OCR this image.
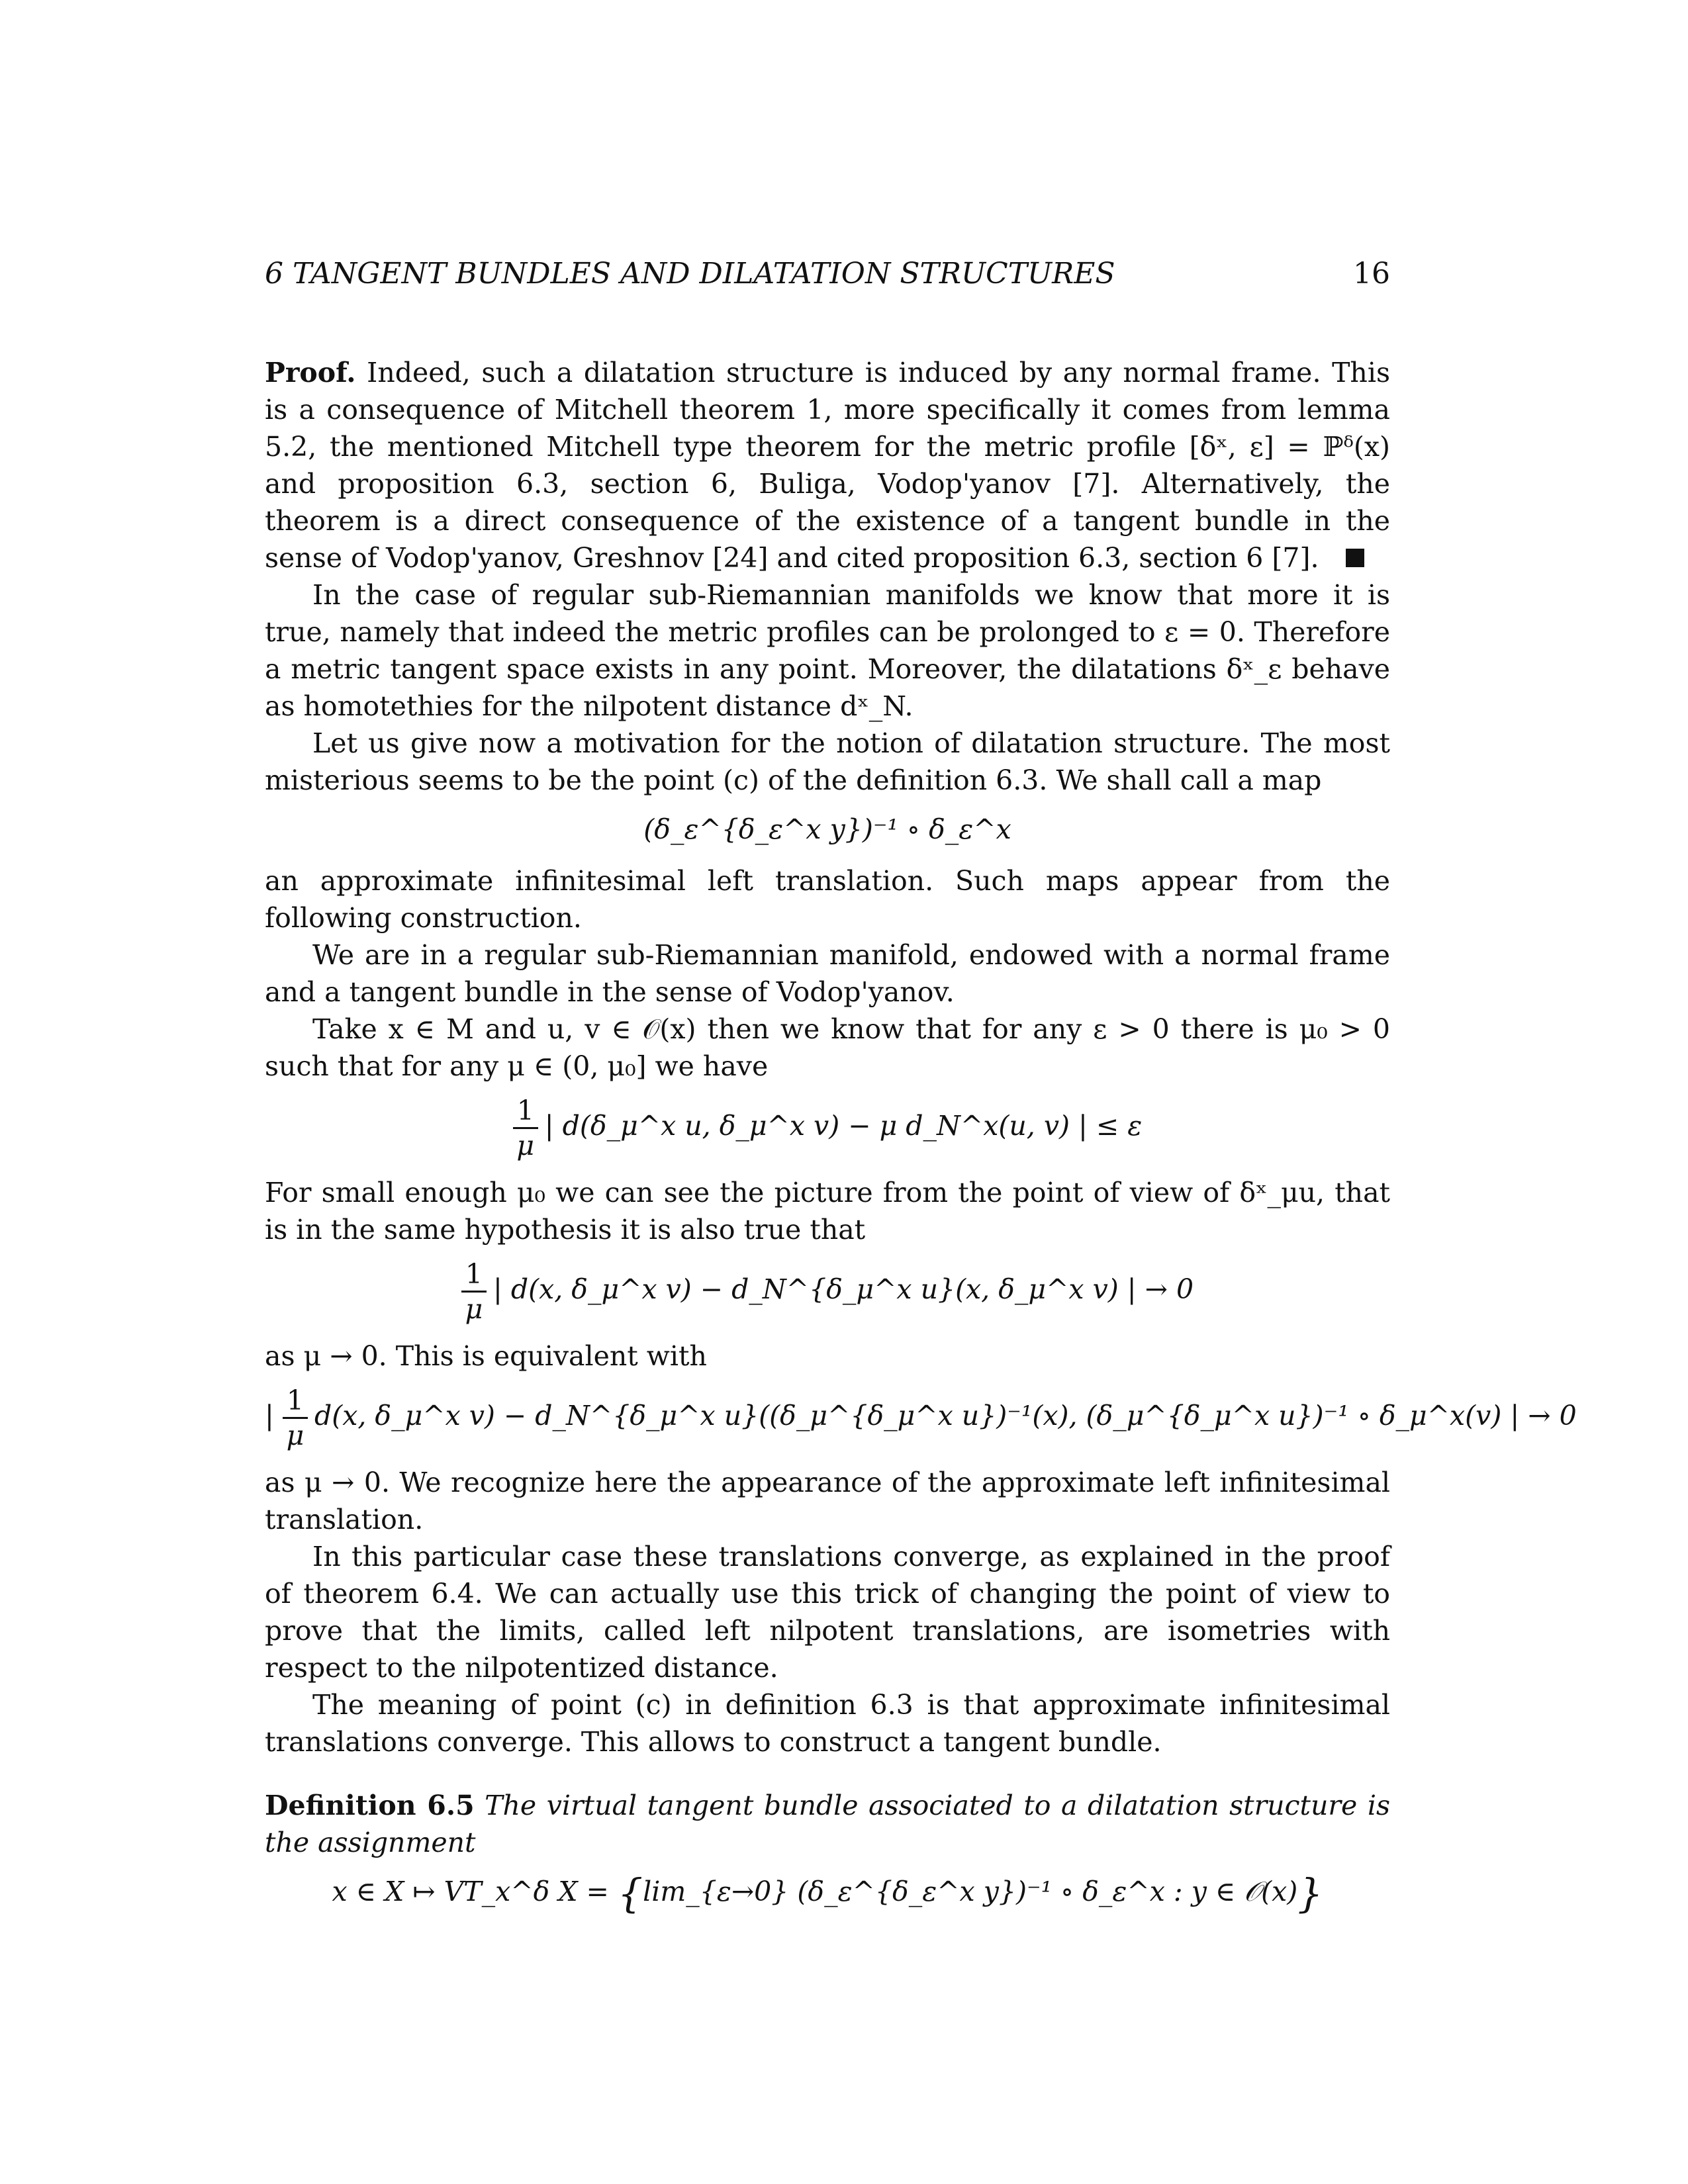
6 TANGENT BUNDLES AND DILATATION STRUCTURES	16

Proof. Indeed, such a dilatation structure is induced by any normal frame. This is a consequence of Mitchell theorem 1, more specifically it comes from lemma 5.2, the mentioned Mitchell type theorem for the metric profile [δˣ, ε] = ℙᵟ(x) and proposition 6.3, section 6, Buliga, Vodop'yanov [7]. Alternatively, the theorem is a direct consequence of the existence of a tangent bundle in the sense of Vodop'yanov, Greshnov [24] and cited proposition 6.3, section 6 [7].

In the case of regular sub-Riemannian manifolds we know that more it is true, namely that indeed the metric profiles can be prolonged to ε = 0. Therefore a metric tangent space exists in any point. Moreover, the dilatations δˣ_ε behave as homotethies for the nilpotent distance dˣ_N.

Let us give now a motivation for the notion of dilatation structure. The most misterious seems to be the point (c) of the definition 6.3. We shall call a map

(δ_ε^{δ_ε^x y})⁻¹ ∘ δ_ε^x

an approximate infinitesimal left translation. Such maps appear from the following construction.

We are in a regular sub-Riemannian manifold, endowed with a normal frame and a tangent bundle in the sense of Vodop'yanov.

Take x ∈ M and u, v ∈ 𝒪(x) then we know that for any ε > 0 there is μ₀ > 0 such that for any μ ∈ (0, μ₀] we have

$\frac{1}{\mu}$ | d(δ_μ^x u, δ_μ^x v) − μ d_N^x(u, v) | ≤ ε

For small enough μ₀ we can see the picture from the point of view of δˣ_μu, that is in the same hypothesis it is also true that

$\frac{1}{\mu}$ | d(x, δ_μ^x v) − d_N^{δ_μ^x u}(x, δ_μ^x v) | → 0

as μ → 0. This is equivalent with

| $\frac{1}{\mu} d(x$, δ_μ^x v) − d_N^{δ_μ^x u}((δ_μ^{δ_μ^x u})⁻¹(x), (δ_μ^{δ_μ^x u})⁻¹ ∘ δ_μ^x(v) | → 0

as μ → 0. We recognize here the appearance of the approximate left infinitesimal translation.

In this particular case these translations converge, as explained in the proof of theorem 6.4. We can actually use this trick of changing the point of view to prove that the limits, called left nilpotent translations, are isometries with respect to the nilpotentized distance.

The meaning of point (c) in definition 6.3 is that approximate infinitesimal translations converge. This allows to construct a tangent bundle.

Definition 6.5 The virtual tangent bundle associated to a dilatation structure is the assignment

x ∈ X ↦ VT_x^δ X = {lim_{ε→0} (δ_ε^{δ_ε^x y})⁻¹ ∘ δ_ε^x : y ∈ 𝒪(x)}
